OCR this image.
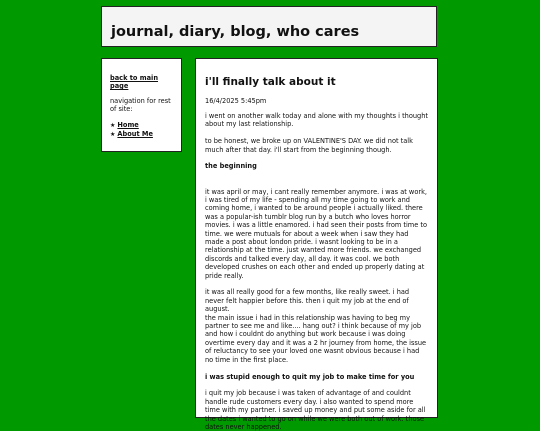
journal, diary, blog, who cares
back to main page
navigation for rest of site:
★ Home
★ About Me
i'll finally talk about it
16/4/2025 5:45pm

i went on another walk today and alone with my thoughts i thought about my last relationship.

to be honest, we broke up on VALENTINE'S DAY. we did not talk much after that day. i'll start from the beginning though.

the beginning

it was april or may, i cant really remember anymore. i was at work, i was tired of my life - spending all my time going to work and coming home, i wanted to be around people i actually liked. there was a popular-ish tumblr blog run by a butch who loves horror movies. i was a little enamored. i had seen their posts from time to time. we were mutuals for about a week when i saw they had made a post about london pride. i wasnt looking to be in a relationship at the time. just wanted more friends. we exchanged discords and talked every day, all day. it was cool. we both developed crushes on each other and ended up properly dating at pride really.

it was all really good for a few months, like really sweet. i had never felt happier before this. then i quit my job at the end of august.

the main issue i had in this relationship was having to beg my partner to see me and like.... hang out? i think because of my job and how i couldnt do anything but work because i was doing overtime every day and it was a 2 hr journey from home, the issue of reluctancy to see your loved one wasnt obvious because i had no time in the first place.

i was stupid enough to quit my job to make time for you

i quit my job because i was taken of advantage of and couldnt handle rude customers every day. i also wanted to spend more time with my partner. i saved up money and put some aside for all the dates i wanted to go on while we were both out of work. those dates never happened.
